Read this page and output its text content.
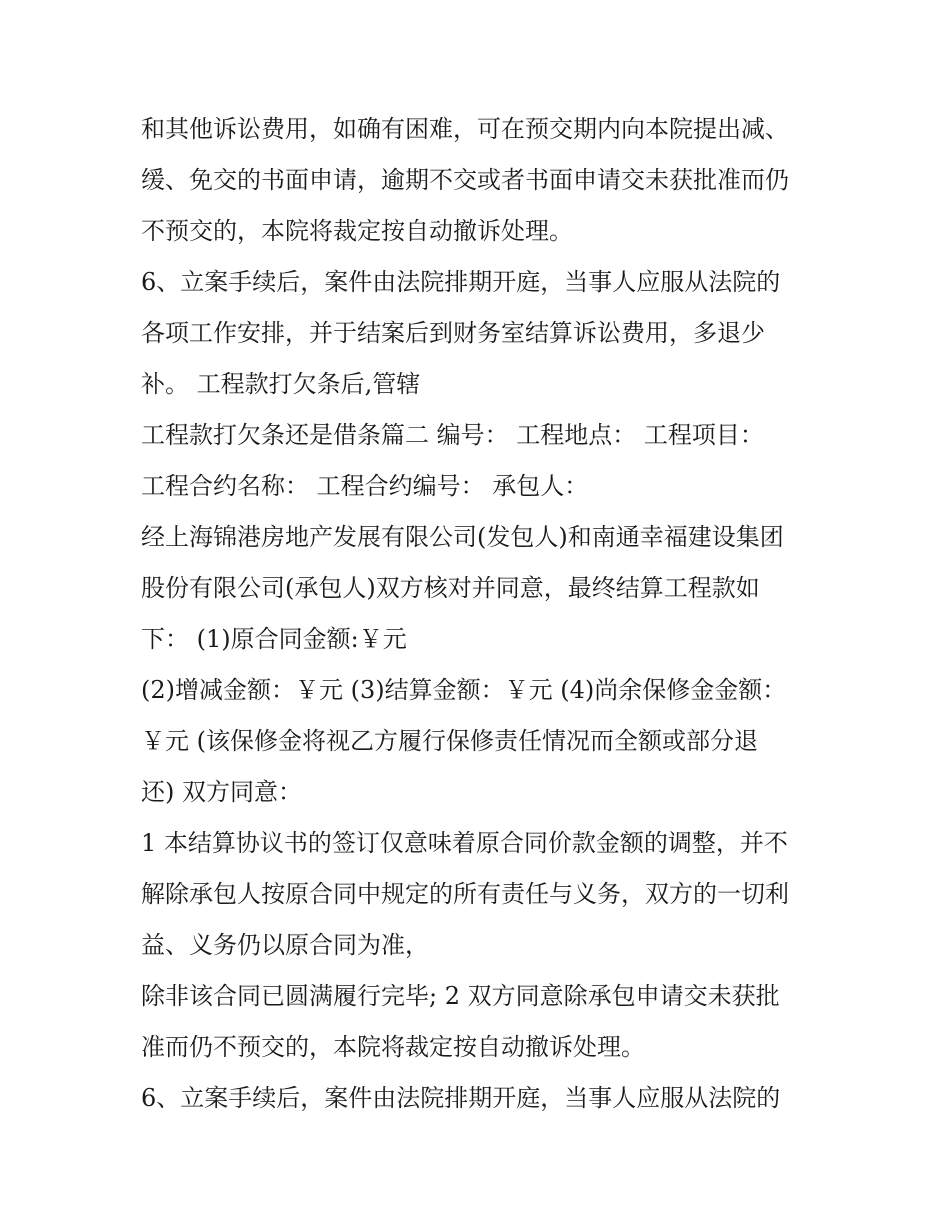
和其他诉讼费用，如确有困难，可在预交期内向本院提出减、
缓、免交的书面申请，逾期不交或者书面申请交未获批准而仍
不预交的，本院将裁定按自动撤诉处理。
6、立案手续后，案件由法院排期开庭，当事人应服从法院的
各项工作安排，并于结案后到财务室结算诉讼费用，多退少
补。 工程款打欠条后,管辖
工程款打欠条还是借条篇二 编号： 工程地点： 工程项目：
工程合约名称： 工程合约编号： 承包人：
经上海锦港房地产发展有限公司(发包人)和南通幸福建设集团
股份有限公司(承包人)双方核对并同意，最终结算工程款如
下： (1)原合同金额:￥元
(2)增减金额：￥元 (3)结算金额：￥元 (4)尚余保修金金额：
￥元 (该保修金将视乙方履行保修责任情况而全额或部分退
还) 双方同意：
1 本结算协议书的签订仅意味着原合同价款金额的调整，并不
解除承包人按原合同中规定的所有责任与义务，双方的一切利
益、义务仍以原合同为准，
除非该合同已圆满履行完毕; 2 双方同意除承包申请交未获批
准而仍不预交的，本院将裁定按自动撤诉处理。
6、立案手续后，案件由法院排期开庭，当事人应服从法院的
